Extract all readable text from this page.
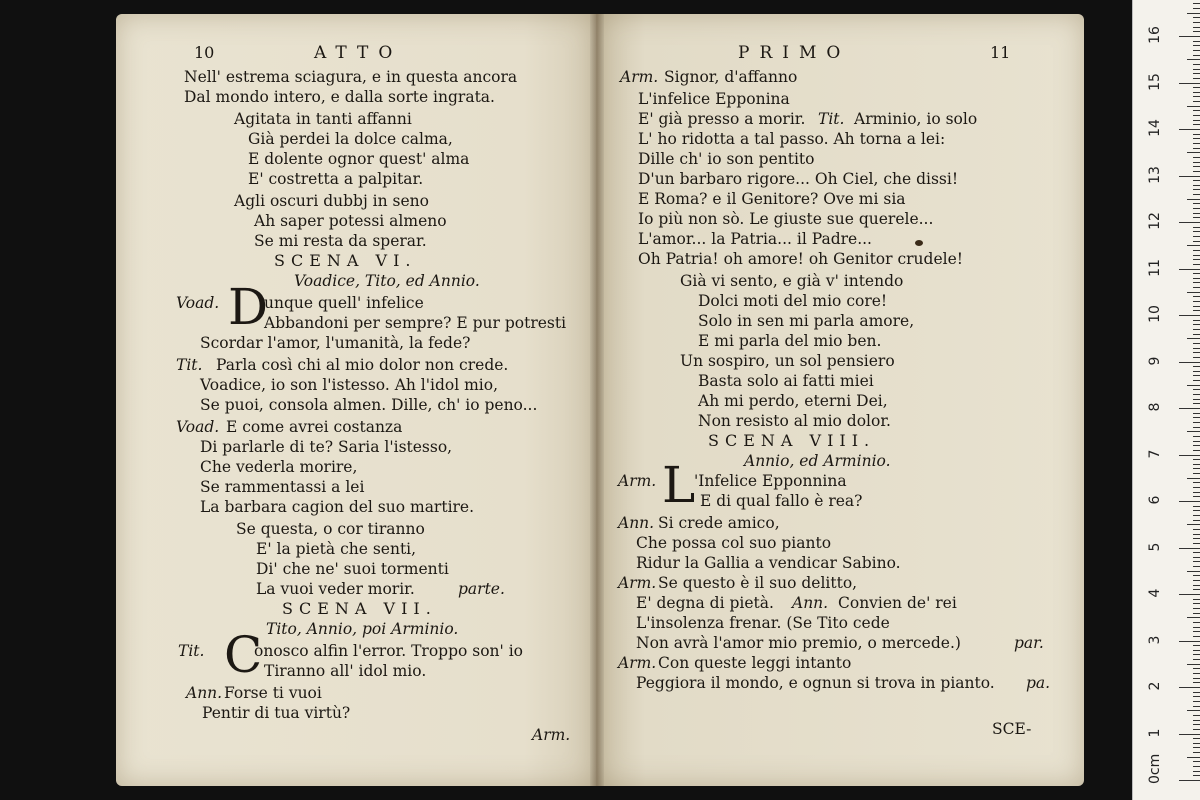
10	ATTO
Nell' estrema sciagura, e in questa ancora
Dal mondo intero, e dalla sorte ingrata.
Agitata in tanti affanni
Già perdei la dolce calma,
E dolente ognor quest' alma
E' costretta a palpitar.
Agli oscuri dubbj in seno
Ah saper potessi almeno
Se mi resta da sperar.
SCENA VI.
Voadice, Tito, ed Annio.
Voad. D
unque quell' infelice
Abbandoni per sempre? E pur potresti
Scordar l'amor, l'umanità, la fede?
Tit. Parla così chi al mio dolor non crede.
Voadice, io son l'istesso. Ah l'idol mio,
Se puoi, consola almen. Dille, ch' io peno...
Voad. E come avrei costanza
Di parlarle di te? Saria l'istesso,
Che vederla morire,
Se rammentassi a lei
La barbara cagion del suo martire.
Se questa, o cor tiranno
E' la pietà che senti,
Di' che ne' suoi tormenti
La vuoi veder morir.	parte.
SCENA VII.
Tito, Annio, poi Arminio.
Tit. C
onosco alfin l'error. Troppo son' io
Tiranno all' idol mio.
Ann. Forse ti vuoi
Pentir di tua virtù?
Arm.
PRIMO	11
Arm. Signor, d'affanno
L'infelice Epponina
E' già presso a morir. Tit. Arminio, io solo
L' ho ridotta a tal passo. Ah torna a lei:
Dille ch' io son pentito
D'un barbaro rigore... Oh Ciel, che dissi!
E Roma? e il Genitore? Ove mi sia
Io più non sò. Le giuste sue querele...
L'amor... la Patria... il Padre...
Oh Patria! oh amore! oh Genitor crudele!
Già vi sento, e già v' intendo
Dolci moti del mio core!
Solo in sen mi parla amore,
E mi parla del mio ben.
Un sospiro, un sol pensiero
Basta solo ai fatti miei
Ah mi perdo, eterni Dei,
Non resisto al mio dolor.
SCENA VIII.
Annio, ed Arminio.
Arm. L
'Infelice Epponnina
E di qual fallo è rea?
Ann. Si crede amico,
Che possa col suo pianto
Ridur la Gallia a vendicar Sabino.
Arm. Se questo è il suo delitto,
E' degna di pietà. Ann. Convien de' rei
L'insolenza frenar. (Se Tito cede
Non avrà l'amor mio premio, o mercede.)	par.
Arm. Con queste leggi intanto
Peggiora il mondo, e ognun si trova in pianto. pa.
SCE-
0cm
1
2
3
4
5
6
7
8
9
10
11
12
13
14
15
16
